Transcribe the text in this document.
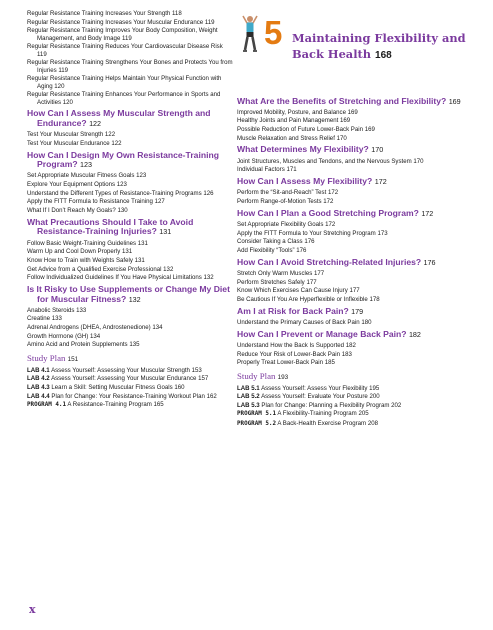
5 Maintaining Flexibility and Back Health 168
Regular Resistance Training Increases Your Strength 118
Regular Resistance Training Increases Your Muscular Endurance 119
Regular Resistance Training Improves Your Body Composition, Weight Management, and Body Image 119
Regular Resistance Training Reduces Your Cardiovascular Disease Risk 119
Regular Resistance Training Strengthens Your Bones and Protects You from Injuries 119
Regular Resistance Training Helps Maintain Your Physical Function with Aging 120
Regular Resistance Training Enhances Your Performance in Sports and Activities 120
How Can I Assess My Muscular Strength and Endurance? 122
Test Your Muscular Strength 122
Test Your Muscular Endurance 122
How Can I Design My Own Resistance-Training Program? 123
Set Appropriate Muscular Fitness Goals 123
Explore Your Equipment Options 123
Understand the Different Types of Resistance-Training Programs 126
Apply the FITT Formula to Resistance Training 127
What If I Don’t Reach My Goals? 130
What Precautions Should I Take to Avoid Resistance-Training Injuries? 131
Follow Basic Weight-Training Guidelines 131
Warm Up and Cool Down Properly 131
Know How to Train with Weights Safely 131
Get Advice from a Qualified Exercise Professional 132
Follow Individualized Guidelines If You Have Physical Limitations 132
Is It Risky to Use Supplements or Change My Diet for Muscular Fitness? 132
Anabolic Steroids 133
Creatine 133
Adrenal Androgens (DHEA, Androstenedione) 134
Growth Hormone (GH) 134
Amino Acid and Protein Supplements 135
Study Plan 151
LAB 4.1 Assess Yourself: Assessing Your Muscular Strength 153
LAB 4.2 Assess Yourself: Assessing Your Muscular Endurance 157
LAB 4.3 Learn a Skill: Setting Muscular Fitness Goals 160
LAB 4.4 Plan for Change: Your Resistance-Training Workout Plan 162
PROGRAM 4.1 A Resistance-Training Program 165
What Are the Benefits of Stretching and Flexibility? 169
Improved Mobility, Posture, and Balance 169
Healthy Joints and Pain Management 169
Possible Reduction of Future Lower-Back Pain 169
Muscle Relaxation and Stress Relief 170
What Determines My Flexibility? 170
Joint Structures, Muscles and Tendons, and the Nervous System 170
Individual Factors 171
How Can I Assess My Flexibility? 172
Perform the “Sit-and-Reach” Test 172
Perform Range-of-Motion Tests 172
How Can I Plan a Good Stretching Program? 172
Set Appropriate Flexibility Goals 172
Apply the FITT Formula to Your Stretching Program 173
Consider Taking a Class 176
Add Flexibility “Tools” 176
How Can I Avoid Stretching-Related Injuries? 176
Stretch Only Warm Muscles 177
Perform Stretches Safely 177
Know Which Exercises Can Cause Injury 177
Be Cautious If You Are Hyperflexible or Inflexible 178
Am I at Risk for Back Pain? 179
Understand the Primary Causes of Back Pain 180
How Can I Prevent or Manage Back Pain? 182
Understand How the Back Is Supported 182
Reduce Your Risk of Lower-Back Pain 183
Properly Treat Lower-Back Pain 185
Study Plan 193
LAB 5.1 Assess Yourself: Assess Your Flexibility 195
LAB 5.2 Assess Yourself: Evaluate Your Posture 200
LAB 5.3 Plan for Change: Planning a Flexibility Program 202
PROGRAM 5.1 A Flexibility-Training Program 205
PROGRAM 5.2 A Back-Health Exercise Program 208
x
